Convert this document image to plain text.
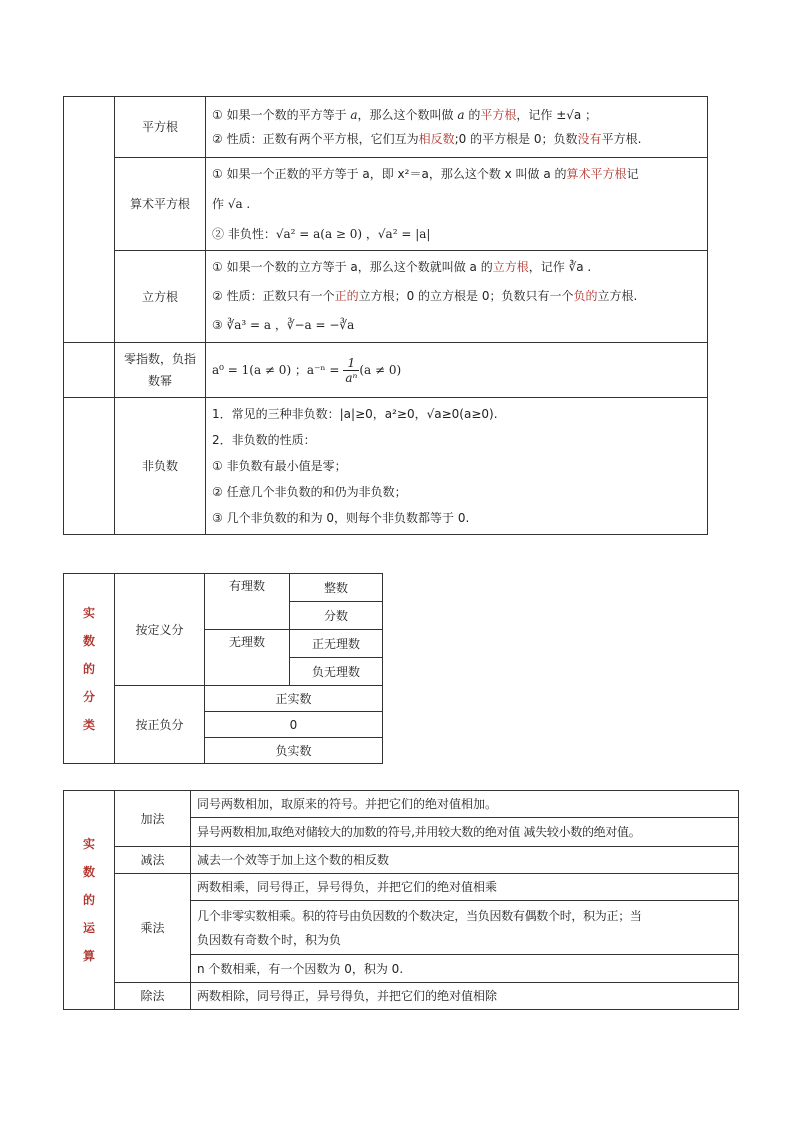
	平方根	① 如果一个数的平方等于 a，那么这个数叫做 a 的平方根，记作 ±√a ；
② 性质：正数有两个平方根，它们互为相反数;0 的平方根是 0；负数没有平方根.

	算术平方根	① 如果一个正数的平方等于 a，即 x²＝a，那么这个数 x 叫做 a 的算术平方根记
作 √a .
② 非负性：√a² = a(a ≥ 0) ，√a² = |a|

	立方根	① 如果一个数的立方等于 a，那么这个数就叫做 a 的立方根，记作 ∛a .
② 性质：正数只有一个正的立方根；0 的立方根是 0；负数只有一个负的立方根.
③ ∛a³ = a ，∛−a = −∛a

	零指数，负指数幂	a⁰ = 1(a ≠ 0) ；$a^{-n} = \frac{1}{\text{aⁿ}} (a \ne 0)$
	非负数	1．常见的三种非负数：|a|≥0，a²≥0，√a≥0(a≥0).
2．非负数的性质：
① 非负数有最小值是零；
② 任意几个非负数的和仍为非负数；
③ 几个非负数的和为 0，则每个非负数都等于 0.
实
数
的
分
类	按定义分	有理数	整数
			分数
		无理数	正无理数
			负无理数
	按正负分	正实数	
		0	
		负实数	
实
数
的
运
算	加法	同号两数相加，取原来的符号。并把它们的绝对值相加。
		异号两数相加,取绝对储较大的加数的符号,并用较大数的绝对值 减失较小数的绝对值。
	减法	减去一个效等于加上这个数的相反数
	乘法	两数相乘，同号得正，异号得负，并把它们的绝对值相乘

		几个非零实数相乘。积的符号由负因数的个数决定，当负因数有偶数个时，积为正；当
负因数有奇数个时，积为负

		n 个数相乘，有一个因数为 0，积为 0.
	除法	两数相除，同号得正，异号得负，并把它们的绝对值相除
